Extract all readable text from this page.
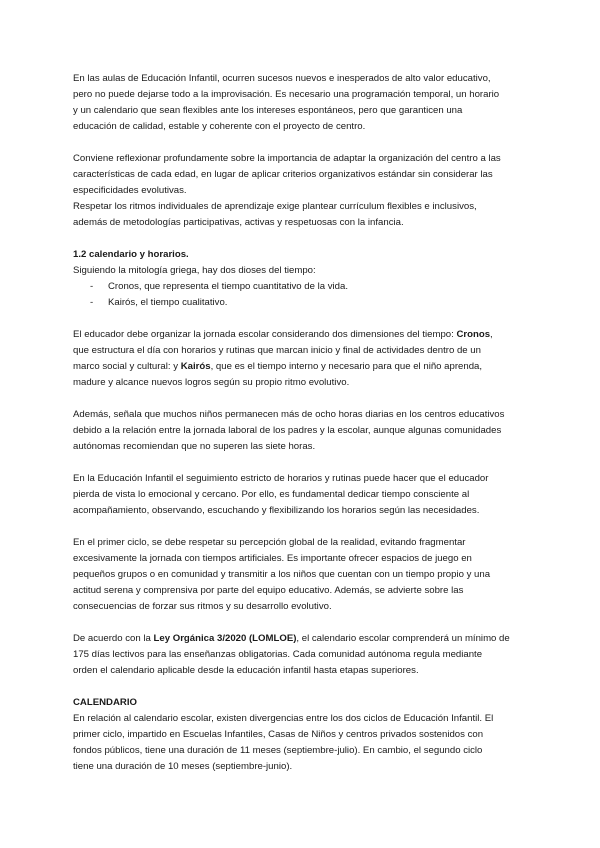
En las aulas de Educación Infantil, ocurren sucesos nuevos e inesperados de alto valor educativo,
pero no puede dejarse todo a la improvisación. Es necesario una programación temporal, un horario
y un calendario que sean flexibles ante los intereses espontáneos, pero que garanticen una
educación de calidad, estable y coherente con el proyecto de centro.

Conviene reflexionar profundamente sobre la importancia de adaptar la organización del centro a las
características de cada edad, en lugar de aplicar criterios organizativos estándar sin considerar las
especificidades evolutivas.

Respetar los ritmos individuales de aprendizaje exige plantear currículum flexibles e inclusivos,
además de metodologías participativas, activas y respetuosas con la infancia.

1.2 calendario y horarios.

Siguiendo la mitología griega, hay dos dioses del tiempo:

- Cronos, que representa el tiempo cuantitativo de la vida.
- Kairós, el tiempo cualitativo.

El educador debe organizar la jornada escolar considerando dos dimensiones del tiempo: Cronos,
que estructura el día con horarios y rutinas que marcan inicio y final de actividades dentro de un
marco social y cultural: y Kairós, que es el tiempo interno y necesario para que el niño aprenda,
madure y alcance nuevos logros según su propio ritmo evolutivo.

Además, señala que muchos niños permanecen más de ocho horas diarias en los centros educativos
debido a la relación entre la jornada laboral de los padres y la escolar, aunque algunas comunidades
autónomas recomiendan que no superen las siete horas.

En la Educación Infantil el seguimiento estricto de horarios y rutinas puede hacer que el educador
pierda de vista lo emocional y cercano. Por ello, es fundamental dedicar tiempo consciente al
acompañamiento, observando, escuchando y flexibilizando los horarios según las necesidades.

En el primer ciclo, se debe respetar su percepción global de la realidad, evitando fragmentar
excesivamente la jornada con tiempos artificiales. Es importante ofrecer espacios de juego en
pequeños grupos o en comunidad y transmitir a los niños que cuentan con un tiempo propio y una
actitud serena y comprensiva por parte del equipo educativo. Además, se advierte sobre las
consecuencias de forzar sus ritmos y su desarrollo evolutivo.

De acuerdo con la Ley Orgánica 3/2020 (LOMLOE), el calendario escolar comprenderá un mínimo de
175 días lectivos para las enseñanzas obligatorias. Cada comunidad autónoma regula mediante
orden el calendario aplicable desde la educación infantil hasta etapas superiores.

CALENDARIO

En relación al calendario escolar, existen divergencias entre los dos ciclos de Educación Infantil. El
primer ciclo, impartido en Escuelas Infantiles, Casas de Niños y centros privados sostenidos con
fondos públicos, tiene una duración de 11 meses (septiembre-julio). En cambio, el segundo ciclo
tiene una duración de 10 meses (septiembre-junio).
